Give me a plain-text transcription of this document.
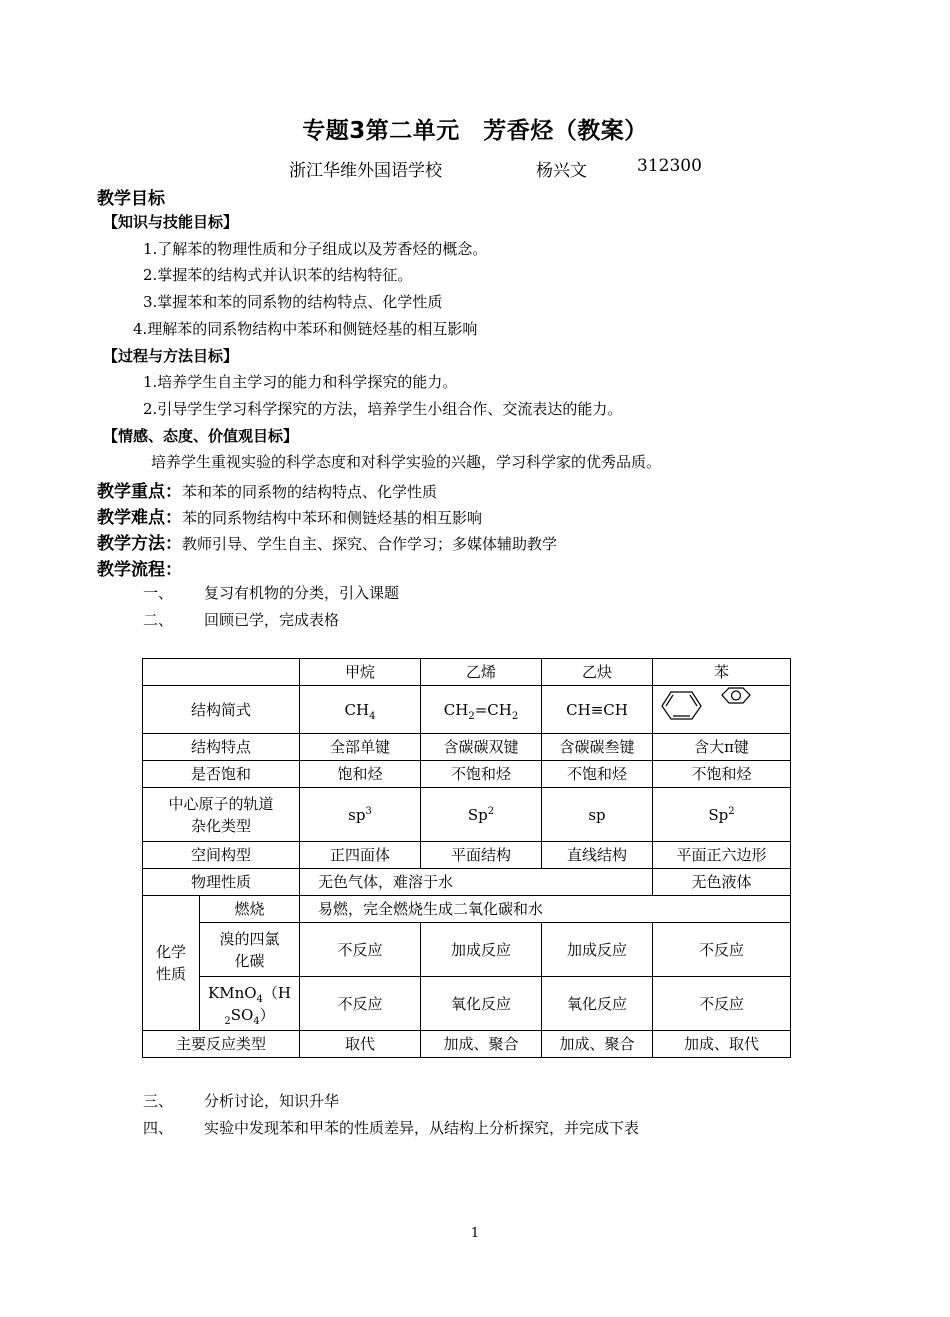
专题3第二单元　芳香烃（教案）
浙江华维外国语学校	杨兴文	312300
教学目标
【知识与技能目标】
1.了解苯的物理性质和分子组成以及芳香烃的概念。
2.掌握苯的结构式并认识苯的结构特征。
3.掌握苯和苯的同系物的结构特点、化学性质
4.理解苯的同系物结构中苯环和侧链烃基的相互影响
【过程与方法目标】
1.培养学生自主学习的能力和科学探究的能力。
2.引导学生学习科学探究的方法，培养学生小组合作、交流表达的能力。
【情感、态度、价值观目标】
培养学生重视实验的科学态度和对科学实验的兴趣，学习科学家的优秀品质。
教学重点：苯和苯的同系物的结构特点、化学性质
教学难点：苯的同系物结构中苯环和侧链烃基的相互影响
教学方法：教师引导、学生自主、探究、合作学习；多媒体辅助教学
教学流程：
一、 复习有机物的分类，引入课题
二、 回顾已学，完成表格
		甲烷	乙烯	乙炔	苯
结构简式		$CH_4$	$CH_2=CH_2$	CH≡CH	

结构特点		全部单键	含碳碳双键	含碳碳叁键	含大π键
是否饱和		饱和烃	不饱和烃	不饱和烃	不饱和烃
中心原子的轨道
杂化类型		$sp^3$	Sp$^2$	sp	Sp$^2$
空间构型		正四面体	平面结构	直线结构	平面正六边形
物理性质		无色气体，难溶于水			无色液体
化学
性质	燃烧	易燃，完全燃烧生成二氧化碳和水			
	溴的四氯
化碳	不反应	加成反应	加成反应	不反应
	KMnO$_4$（H
$_2SO_4$）	不反应	氧化反应	氧化反应	不反应
主要反应类型		取代	加成、聚合	加成、聚合	加成、取代
三、 分析讨论，知识升华
四、 实验中发现苯和甲苯的性质差异，从结构上分析探究，并完成下表
1
